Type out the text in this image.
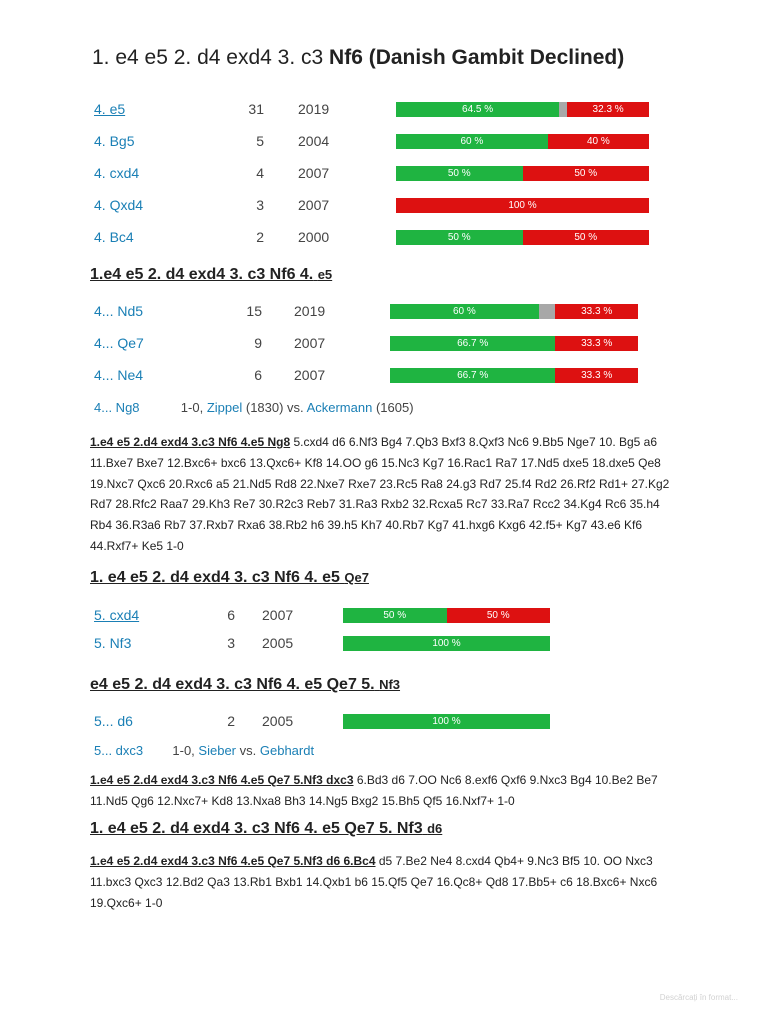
1. e4 e5 2. d4 exd4 3. c3 Nf6 (Danish Gambit Declined)
4. e5	31 2019	64.5 %	32.3 %
4. Bg5	5 2004	60 %	40 %
4. cxd4	4 2007	50 %	50 %
4. Qxd4	3 2007	100 %
4. Bc4	2 2000	50 %	50 %
1.e4 e5 2. d4 exd4 3. c3 Nf6 4. e5
4... Nd5	15 2019	60 %	33.3 %
4... Qe7	9 2007	66.7 %	33.3 %
4... Ne4	6 2007	66.7 %	33.3 %
4... Ng8	1-0, Zippel (1830) vs. Ackermann (1605)
1.e4 e5 2.d4 exd4 3.c3 Nf6 4.e5 Ng8 5.cxd4 d6 6.Nf3 Bg4 7.Qb3 Bxf3 8.Qxf3 Nc6 9.Bb5 Nge7 10. Bg5 a6 11.Bxe7 Bxe7 12.Bxc6+ bxc6 13.Qxc6+ Kf8 14.OO g6 15.Nc3 Kg7 16.Rac1 Ra7 17.Nd5 dxe5 18.dxe5 Qe8 19.Nxc7 Qxc6 20.Rxc6 a5 21.Nd5 Rd8 22.Nxe7 Rxe7 23.Rc5 Ra8 24.g3 Rd7 25.f4 Rd2 26.Rf2 Rd1+ 27.Kg2 Rd7 28.Rfc2 Raa7 29.Kh3 Re7 30.R2c3 Reb7 31.Ra3 Rxb2 32.Rcxa5 Rc7 33.Ra7 Rcc2 34.Kg4 Rc6 35.h4 Rb4 36.R3a6 Rb7 37.Rxb7 Rxa6 38.Rb2 h6 39.h5 Kh7 40.Rb7 Kg7 41.hxg6 Kxg6 42.f5+ Kg7 43.e6 Kf6 44.Rxf7+ Ke5 1-0
1. e4 e5 2. d4 exd4 3. c3 Nf6 4. e5 Qe7
5. cxd4	6 2007	50 %	50 %
5. Nf3	3 2005	100 %
e4 e5 2. d4 exd4 3. c3 Nf6 4. e5 Qe7 5. Nf3
5... d6	2 2005	100 %
5... dxc3 1-0, Sieber vs. Gebhardt
1.e4 e5 2.d4 exd4 3.c3 Nf6 4.e5 Qe7 5.Nf3 dxc3 6.Bd3 d6 7.OO Nc6 8.exf6 Qxf6 9.Nxc3 Bg4 10.Be2 Be7 11.Nd5 Qg6 12.Nxc7+ Kd8 13.Nxa8 Bh3 14.Ng5 Bxg2 15.Bh5 Qf5 16.Nxf7+ 1-0
1. e4 e5 2. d4 exd4 3. c3 Nf6 4. e5 Qe7 5. Nf3 d6
1.e4 e5 2.d4 exd4 3.c3 Nf6 4.e5 Qe7 5.Nf3 d6 6.Bc4 d5 7.Be2 Ne4 8.cxd4 Qb4+ 9.Nc3 Bf5 10. OO Nxc3 11.bxc3 Qxc3 12.Bd2 Qa3 13.Rb1 Bxb1 14.Qxb1 b6 15.Qf5 Qe7 16.Qc8+ Qd8 17.Bb5+ c6 18.Bxc6+ Nxc6 19.Qxc6+ 1-0
Descărcați în format...
